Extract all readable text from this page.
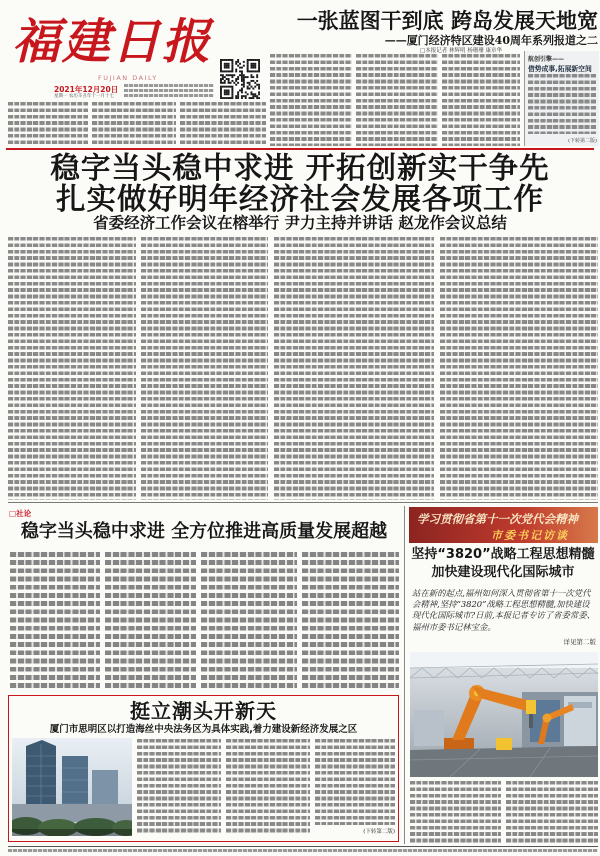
福建日报
FUJIAN DAILY
2021年12月20日
星期一 农历辛丑年十一月十七
一张蓝图干到底 跨岛发展天地宽
——厦门经济特区建设40周年系列报道之二
□本报记者 林辉明 杨珊珊 康章华
航创引擎——
借势成事,拓展新空间
(下转第二版)
稳字当头稳中求进 开拓创新实干争先
扎实做好明年经济社会发展各项工作
省委经济工作会议在榕举行 尹力主持并讲话 赵龙作会议总结
□社论
稳字当头稳中求进 全方位推进高质量发展超越
学习贯彻省第十一次党代会精神
市委书记访谈
坚持“3820”战略工程思想精髓
加快建设现代化国际城市
站在新的起点,福州如何深入贯彻省第十一次党代会精神,坚持“3820”战略工程思想精髓,加快建设现代化国际城市?日前,本报记者专访了省委常委、福州市委书记林宝金。
详见第二版
挺立潮头开新天
厦门市思明区以打造海丝中央法务区为具体实践,着力建设新经济发展之区
(下转第二版)
